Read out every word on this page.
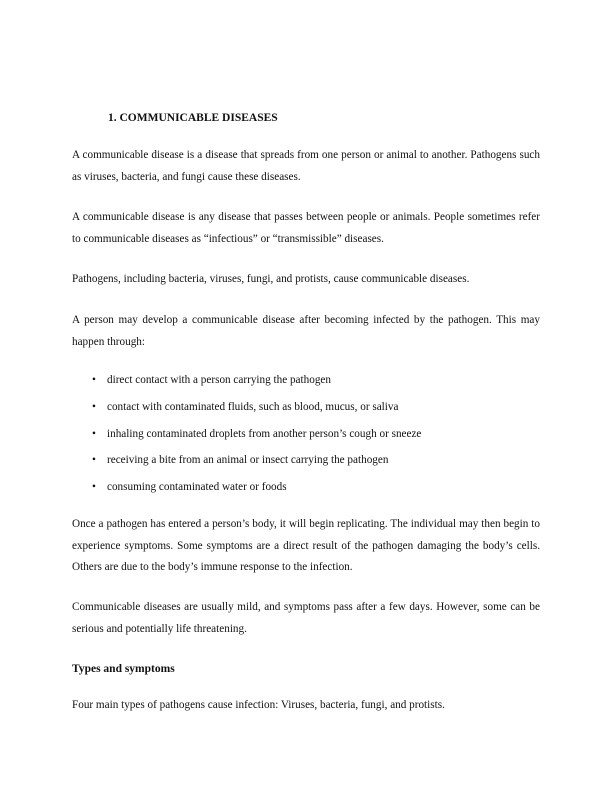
1. COMMUNICABLE DISEASES
A communicable disease is a disease that spreads from one person or animal to another. Pathogens such as viruses, bacteria, and fungi cause these diseases.
A communicable disease is any disease that passes between people or animals. People sometimes refer to communicable diseases as “infectious” or “transmissible” diseases.
Pathogens, including bacteria, viruses, fungi, and protists, cause communicable diseases.
A person may develop a communicable disease after becoming infected by the pathogen. This may happen through:
• direct contact with a person carrying the pathogen
• contact with contaminated fluids, such as blood, mucus, or saliva
• inhaling contaminated droplets from another person’s cough or sneeze
• receiving a bite from an animal or insect carrying the pathogen
• consuming contaminated water or foods
Once a pathogen has entered a person’s body, it will begin replicating. The individual may then begin to experience symptoms. Some symptoms are a direct result of the pathogen damaging the body’s cells. Others are due to the body’s immune response to the infection.
Communicable diseases are usually mild, and symptoms pass after a few days. However, some can be serious and potentially life threatening.
Types and symptoms
Four main types of pathogens cause infection: Viruses, bacteria, fungi, and protists.
